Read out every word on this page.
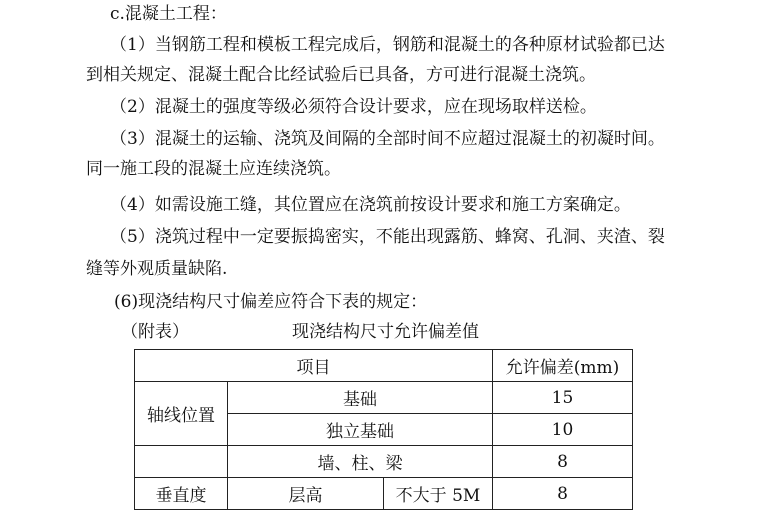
c.混凝土工程：
（1）当钢筋工程和模板工程完成后，钢筋和混凝土的各种原材试验都已达
到相关规定、混凝土配合比经试验后已具备，方可进行混凝土浇筑。
（2）混凝土的强度等级必须符合设计要求，应在现场取样送检。
（3）混凝土的运输、浇筑及间隔的全部时间不应超过混凝土的初凝时间。
同一施工段的混凝土应连续浇筑。
（4）如需设施工缝，其位置应在浇筑前按设计要求和施工方案确定。
（5）浇筑过程中一定要振捣密实，不能出现露筋、蜂窝、孔洞、夹渣、裂
缝等外观质量缺陷.
(6)现浇结构尺寸偏差应符合下表的规定：
（附表）	现浇结构尺寸允许偏差值
项目			允许偏差(mm)
轴线位置	基础		15
	独立基础		10
	墙、柱、梁		8
垂直度	层高	不大于 5M	8
